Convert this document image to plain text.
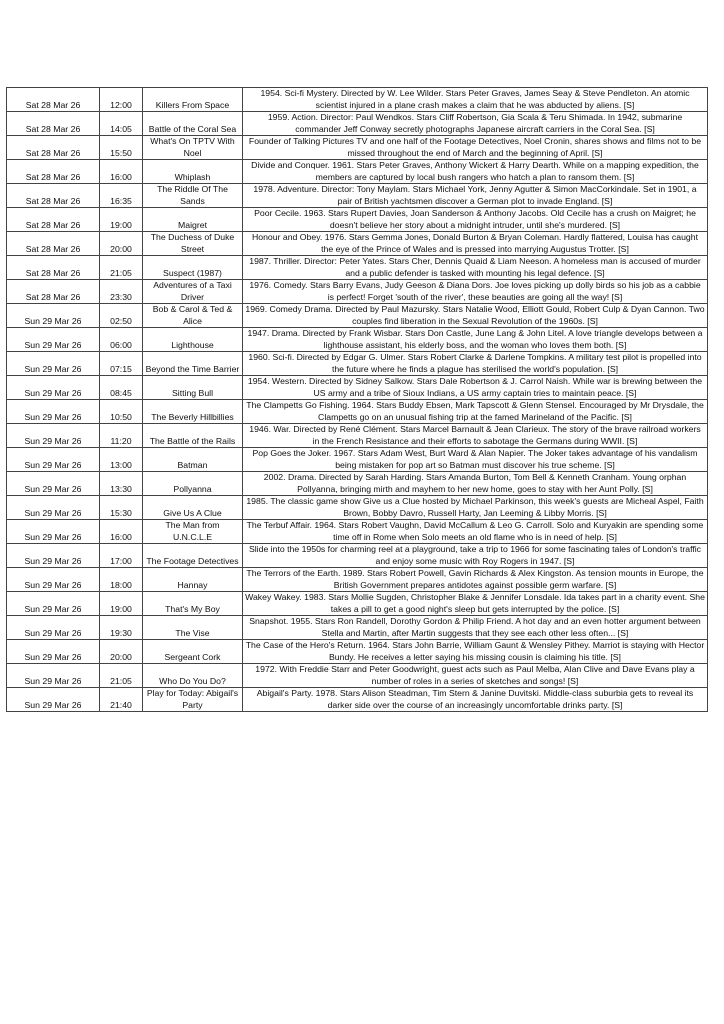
Sat 28 Mar 26	12:00	Killers From Space	1954. Sci-fi Mystery. Directed by W. Lee Wilder. Stars Peter Graves, James Seay & Steve Pendleton. An atomic scientist injured in a plane crash makes a claim that he was abducted by aliens. [S]
Sat 28 Mar 26	14:05	Battle of the Coral Sea	1959. Action. Director: Paul Wendkos. Stars Cliff Robertson, Gia Scala & Teru Shimada. In 1942, submarine commander Jeff Conway secretly photographs Japanese aircraft carriers in the Coral Sea. [S]
Sat 28 Mar 26	15:50	What's On TPTV With Noel	Founder of Talking Pictures TV and one half of the Footage Detectives, Noel Cronin, shares shows and films not to be missed throughout the end of March and the beginning of April. [S]
Sat 28 Mar 26	16:00	Whiplash	Divide and Conquer. 1961. Stars Peter Graves, Anthony Wickert & Harry Dearth. While on a mapping expedition, the members are captured by local bush rangers who hatch a plan to ransom them. [S]
Sat 28 Mar 26	16:35	The Riddle Of The Sands	1978. Adventure. Director: Tony Maylam. Stars Michael York, Jenny Agutter & Simon MacCorkindale. Set in 1901, a pair of British yachtsmen discover a German plot to invade England. [S]
Sat 28 Mar 26	19:00	Maigret	Poor Cecile. 1963. Stars Rupert Davies, Joan Sanderson & Anthony Jacobs. Old Cecile has a crush on Maigret; he doesn't believe her story about a midnight intruder, until she's murdered. [S]
Sat 28 Mar 26	20:00	The Duchess of Duke Street	Honour and Obey. 1976. Stars Gemma Jones, Donald Burton & Bryan Coleman. Hardly flattered, Louisa has caught the eye of the Prince of Wales and is pressed into marrying Augustus Trotter. [S]
Sat 28 Mar 26	21:05	Suspect (1987)	1987. Thriller. Director: Peter Yates. Stars Cher, Dennis Quaid & Liam Neeson. A homeless man is accused of murder and a public defender is tasked with mounting his legal defence. [S]
Sat 28 Mar 26	23:30	Adventures of a Taxi Driver	1976. Comedy. Stars Barry Evans, Judy Geeson & Diana Dors. Joe loves picking up dolly birds so his job as a cabbie is perfect! Forget 'south of the river', these beauties are going all the way! [S]
Sun 29 Mar 26	02:50	Bob & Carol & Ted & Alice	1969. Comedy Drama. Directed by Paul Mazursky. Stars Natalie Wood, Elliott Gould, Robert Culp & Dyan Cannon. Two couples find liberation in the Sexual Revolution of the 1960s. [S]
Sun 29 Mar 26	06:00	Lighthouse	1947. Drama. Directed by Frank Wisbar. Stars Don Castle, June Lang & John Litel. A love triangle develops between a lighthouse assistant, his elderly boss, and the woman who loves them both. [S]
Sun 29 Mar 26	07:15	Beyond the Time Barrier	1960. Sci-fi. Directed by Edgar G. Ulmer. Stars Robert Clarke & Darlene Tompkins. A military test pilot is propelled into the future where he finds a plague has sterilised the world's population. [S]
Sun 29 Mar 26	08:45	Sitting Bull	1954. Western. Directed by Sidney Salkow. Stars Dale Robertson & J. Carrol Naish. While war is brewing between the US army and a tribe of Sioux Indians, a US army captain tries to maintain peace. [S]
Sun 29 Mar 26	10:50	The Beverly Hillbillies	The Clampetts Go Fishing. 1964. Stars Buddy Ebsen, Mark Tapscott & Glenn Stensel. Encouraged by Mr Drysdale, the Clampetts go on an unusual fishing trip at the famed Marineland of the Pacific. [S]
Sun 29 Mar 26	11:20	The Battle of the Rails	1946. War. Directed by René Clément. Stars Marcel Barnault & Jean Clarieux. The story of the brave railroad workers in the French Resistance and their efforts to sabotage the Germans during WWII. [S]
Sun 29 Mar 26	13:00	Batman	Pop Goes the Joker. 1967. Stars Adam West, Burt Ward & Alan Napier. The Joker takes advantage of his vandalism being mistaken for pop art so Batman must discover his true scheme. [S]
Sun 29 Mar 26	13:30	Pollyanna	2002. Drama. Directed by Sarah Harding. Stars Amanda Burton, Tom Bell & Kenneth Cranham. Young orphan Pollyanna, bringing mirth and mayhem to her new home, goes to stay with her Aunt Polly. [S]
Sun 29 Mar 26	15:30	Give Us A Clue	1985. The classic game show Give us a Clue hosted by Michael Parkinson, this week's guests are Micheal Aspel, Faith Brown, Bobby Davro, Russell Harty, Jan Leeming & Libby Morris. [S]
Sun 29 Mar 26	16:00	The Man from U.N.C.L.E	The Terbuf Affair. 1964. Stars Robert Vaughn, David McCallum & Leo G. Carroll. Solo and Kuryakin are spending some time off in Rome when Solo meets an old flame who is in need of help. [S]
Sun 29 Mar 26	17:00	The Footage Detectives	Slide into the 1950s for charming reel at a playground, take a trip to 1966 for some fascinating tales of London's traffic and enjoy some music with Roy Rogers in 1947. [S]
Sun 29 Mar 26	18:00	Hannay	The Terrors of the Earth. 1989. Stars Robert Powell, Gavin Richards & Alex Kingston. As tension mounts in Europe, the British Government prepares antidotes against possible germ warfare. [S]
Sun 29 Mar 26	19:00	That's My Boy	Wakey Wakey. 1983. Stars Mollie Sugden, Christopher Blake & Jennifer Lonsdale. Ida takes part in a charity event. She takes a pill to get a good night's sleep but gets interrupted by the police. [S]
Sun 29 Mar 26	19:30	The Vise	Snapshot. 1955. Stars Ron Randell, Dorothy Gordon & Philip Friend. A hot day and an even hotter argument between Stella and Martin, after Martin suggests that they see each other less often... [S]
Sun 29 Mar 26	20:00	Sergeant Cork	The Case of the Hero's Return. 1964. Stars John Barrie, William Gaunt & Wensley Pithey. Marriot is staying with Hector Bundy. He receives a letter saying his missing cousin is claiming his title. [S]
Sun 29 Mar 26	21:05	Who Do You Do?	1972. With Freddie Starr and Peter Goodwright, guest acts such as Paul Melba, Alan Clive and Dave Evans play a number of roles in a series of sketches and songs! [S]
Sun 29 Mar 26	21:40	Play for Today: Abigail's Party	Abigail's Party. 1978. Stars Alison Steadman, Tim Stern & Janine Duvitski. Middle-class suburbia gets to reveal its darker side over the course of an increasingly uncomfortable drinks party. [S]
